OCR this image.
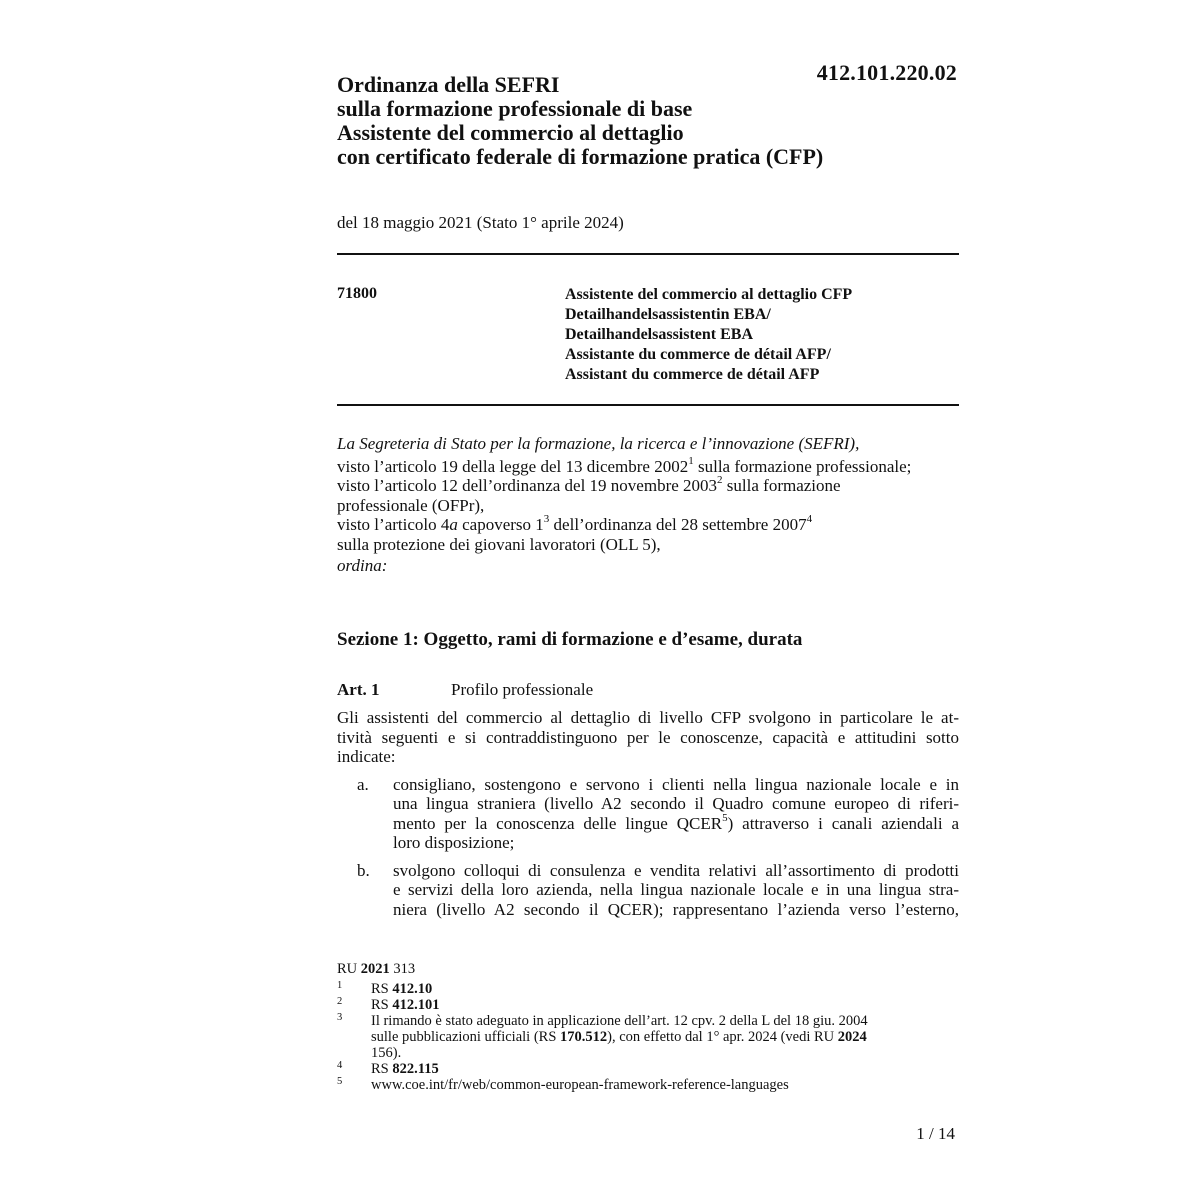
412.101.220.02
Ordinanza della SEFRI
sulla formazione professionale di base
Assistente del commercio al dettaglio
con certificato federale di formazione pratica (CFP)
del 18 maggio 2021 (Stato 1° aprile 2024)
71800	Assistente del commercio al dettaglio CFP
Detailhandelsassistentin EBA/
Detailhandelsassistent EBA
Assistante du commerce de détail AFP/
Assistant du commerce de détail AFP
La Segreteria di Stato per la formazione, la ricerca e l’innovazione (SEFRI),
visto l’articolo 19 della legge del 13 dicembre 2002$^1$ sulla formazione professionale;
visto l’articolo 12 dell’ordinanza del 19 novembre 2003$^2$ sulla formazione
professionale (OFPr),
visto l’articolo 4a capoverso $1^3$ dell’ordinanza del 28 settembre 2007$^4$
sulla protezione dei giovani lavoratori (OLL 5),
ordina:
Sezione 1: Oggetto, rami di formazione e d’esame, durata
Art. 1	Profilo professionale
Gli assistenti del commercio al dettaglio di livello CFP svolgono in particolare le at-
tività seguenti e si contraddistinguono per le conoscenze, capacità e attitudini sotto
indicate:
a. consigliano, sostengono e servono i clienti nella lingua nazionale locale e in
una lingua straniera (livello A2 secondo il Quadro comune europeo di riferi-
mento per la conoscenza delle lingue QCER$^5$) attraverso i canali aziendali a
loro disposizione;
b. svolgono colloqui di consulenza e vendita relativi all’assortimento di prodotti
e servizi della loro azienda, nella lingua nazionale locale e in una lingua stra-
niera (livello A2 secondo il QCER); rappresentano l’azienda verso l’esterno,
RU 2021 313
1 RS 412.10
2 RS 412.101
3 Il rimando è stato adeguato in applicazione dell’art. 12 cpv. 2 della L del 18 giu. 2004
sulle pubblicazioni ufficiali (RS 170.512), con effetto dal 1° apr. 2024 (vedi RU 2024
156).
4 RS 822.115
5 www.coe.int/fr/web/common-european-framework-reference-languages
1 / 14
